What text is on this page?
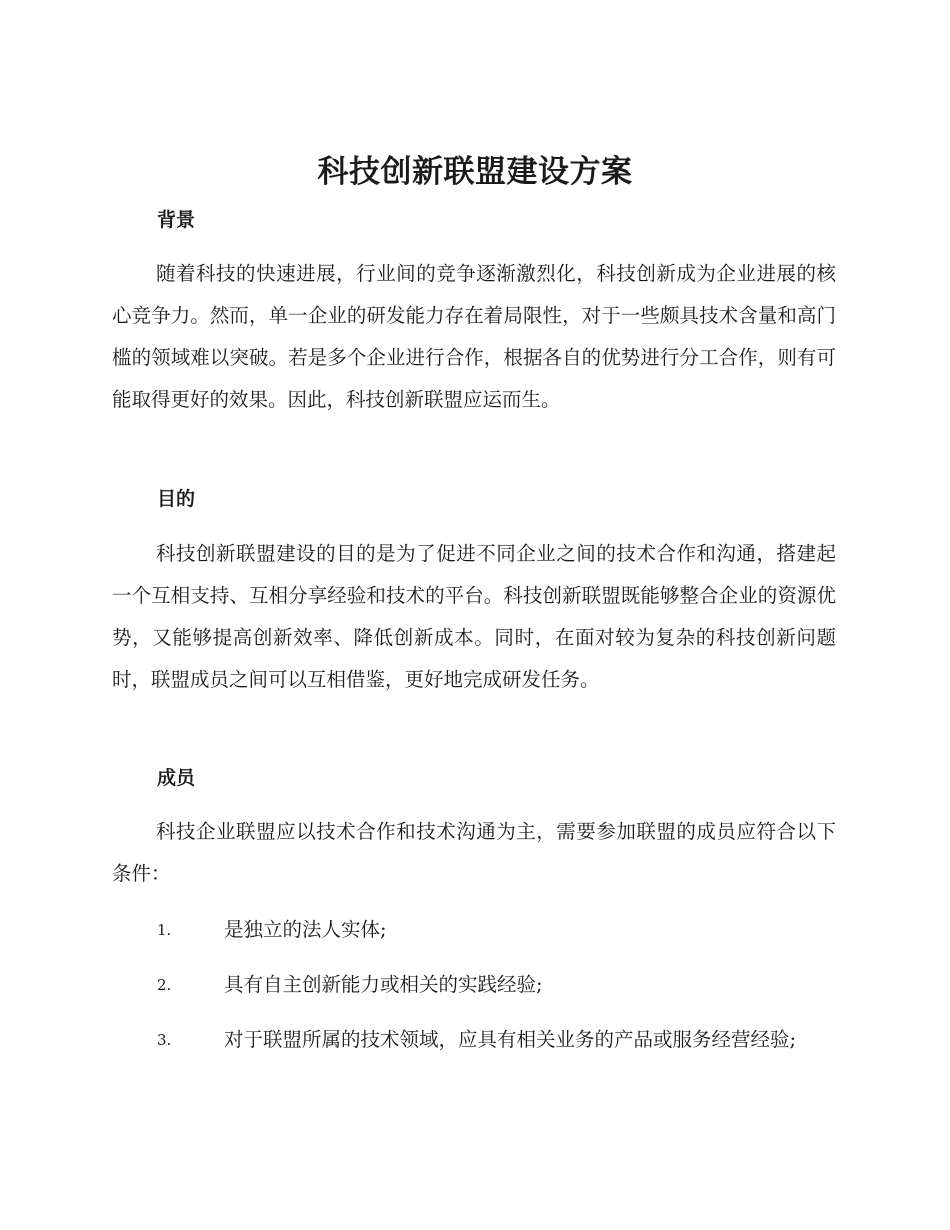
科技创新联盟建设方案
背景

随着科技的快速进展，行业间的竞争逐渐激烈化，科技创新成为企业进展的核心竞争力。然而，单一企业的研发能力存在着局限性，对于一些颇具技术含量和高门槛的领域难以突破。若是多个企业进行合作，根据各自的优势进行分工合作，则有可能取得更好的效果。因此，科技创新联盟应运而生。

目的

科技创新联盟建设的目的是为了促进不同企业之间的技术合作和沟通，搭建起一个互相支持、互相分享经验和技术的平台。科技创新联盟既能够整合企业的资源优势，又能够提高创新效率、降低创新成本。同时，在面对较为复杂的科技创新问题时，联盟成员之间可以互相借鉴，更好地完成研发任务。

成员

科技企业联盟应以技术合作和技术沟通为主，需要参加联盟的成员应符合以下条件：

1.	是独立的法人实体;
2.	具有自主创新能力或相关的实践经验;
3.	对于联盟所属的技术领域，应具有相关业务的产品或服务经营经验;
